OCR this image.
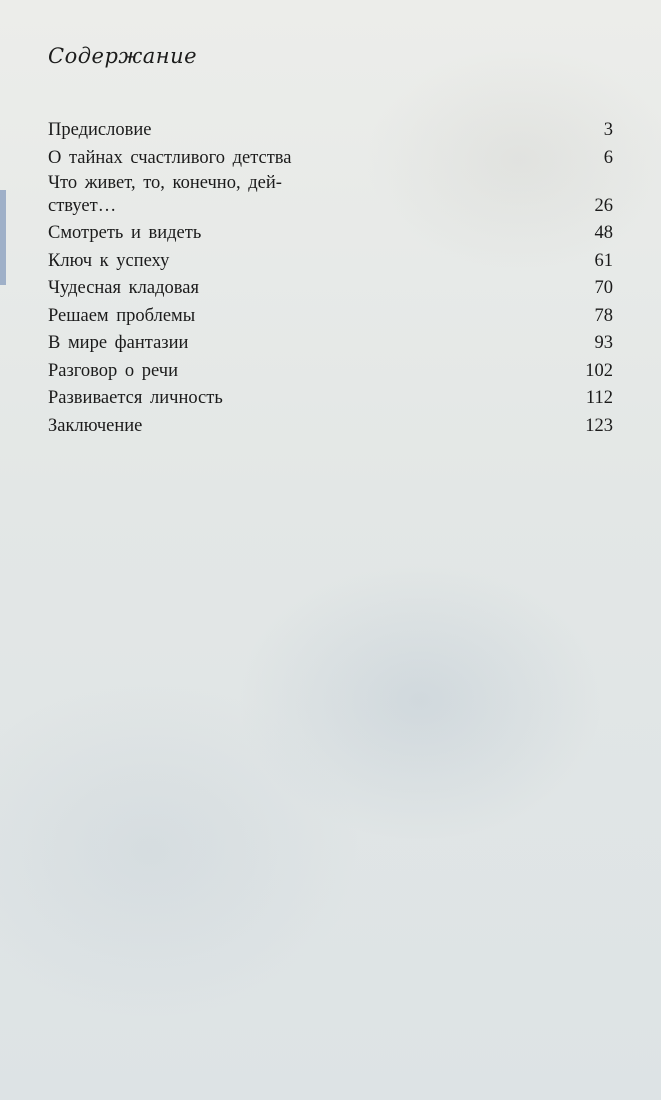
Содержание
Предисловие	3
О тайнах счастливого детства	6
Что живет, то, конечно, дей-ствует…	26
Смотреть и видеть	48
Ключ к успеху	61
Чудесная кладовая	70
Решаем проблемы	78
В мире фантазии	93
Разговор о речи	102
Развивается личность	112
Заключение	123
